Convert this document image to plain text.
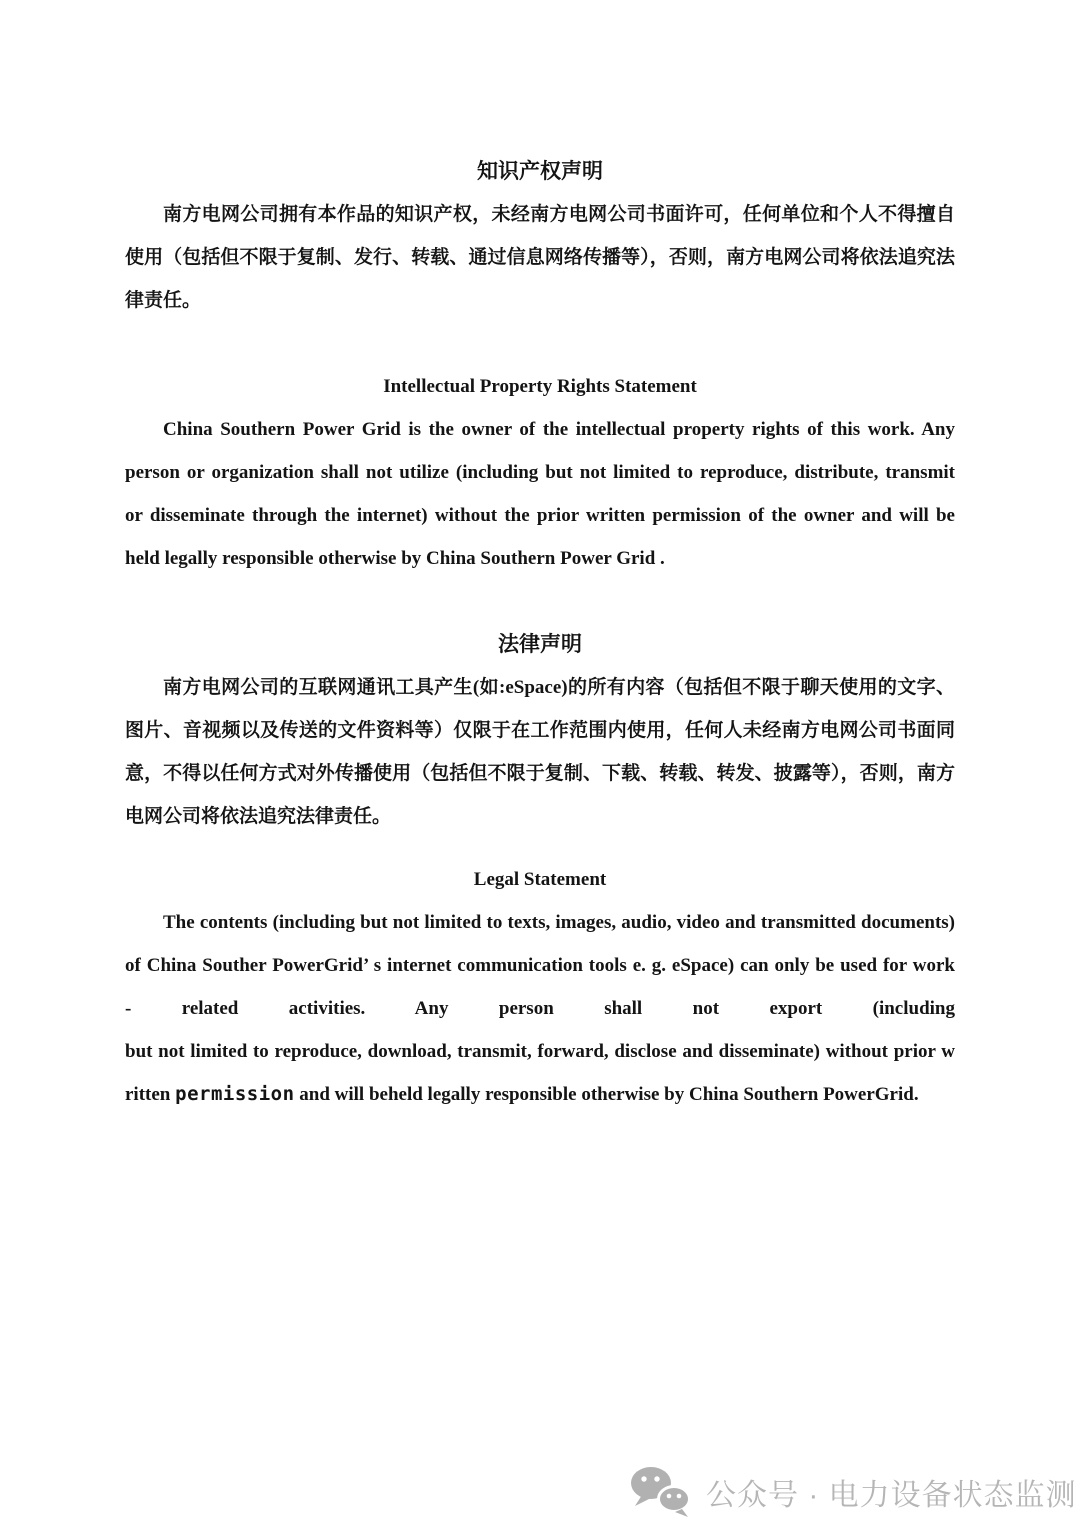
知识产权声明
南方电网公司拥有本作品的知识产权，未经南方电网公司书面许可，任何单位和个人不得擅自
使用（包括但不限于复制、发行、转载、通过信息网络传播等），否则，南方电网公司将依法追究法
律责任。
Intellectual Property Rights Statement
China Southern Power Grid is the owner of the intellectual property rights of this work. Any
person or organization shall not utilize (including but not limited to reproduce, distribute, transmit
or disseminate through the internet) without the prior written permission of the owner and will be
held legally responsible otherwise by China Southern Power Grid .
法律声明
南方电网公司的互联网通讯工具产生(如:eSpace)的所有内容（包括但不限于聊天使用的文字、
图片、音视频以及传送的文件资料等）仅限于在工作范围内使用，任何人未经南方电网公司书面同
意，不得以任何方式对外传播使用（包括但不限于复制、下载、转载、转发、披露等），否则，南方
电网公司将依法追究法律责任。
Legal Statement
The contents (including but not limited to texts, images, audio, video and transmitted documents)
of China Souther PowerGrid’ s internet communication tools e. g. eSpace) can only be used for work
- related activities. Any person shall not export (including
but not limited to reproduce, download, transmit, forward, disclose and disseminate) without prior w
ritten permission and will beheld legally responsible otherwise by China Southern PowerGrid.
公众号 · 电力设备状态监测
